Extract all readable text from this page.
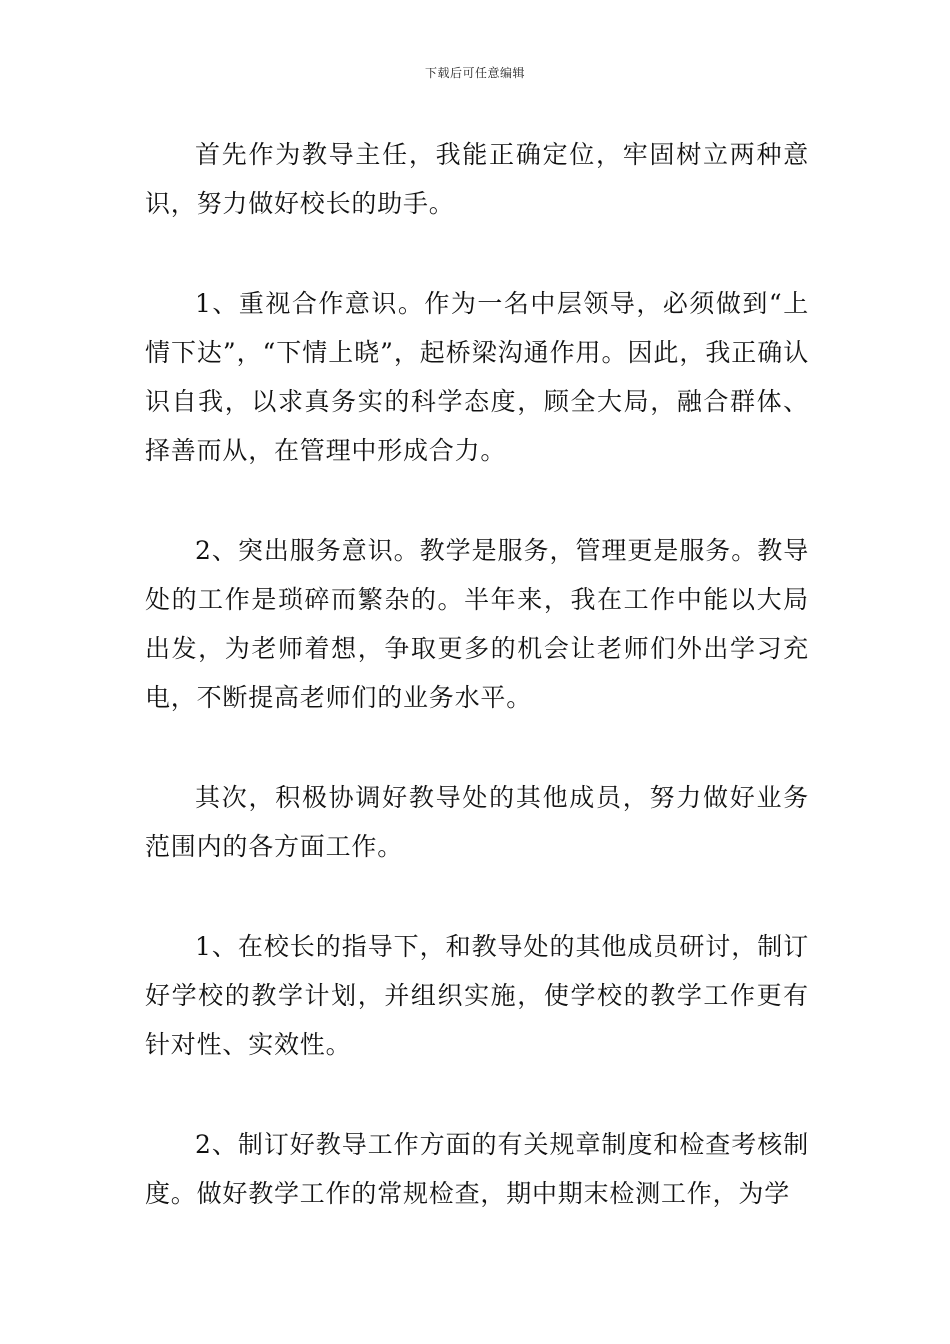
下载后可任意编辑

首先作为教导主任，我能正确定位，牢固树立两种意识，努力做好校长的助手。

1、重视合作意识。作为一名中层领导，必须做到“上情下达”，“下情上晓”，起桥梁沟通作用。因此，我正确认识自我，以求真务实的科学态度，顾全大局，融合群体、择善而从，在管理中形成合力。

2、突出服务意识。教学是服务，管理更是服务。教导处的工作是琐碎而繁杂的。半年来，我在工作中能以大局出发，为老师着想，争取更多的机会让老师们外出学习充电，不断提高老师们的业务水平。

其次，积极协调好教导处的其他成员，努力做好业务范围内的各方面工作。

1、在校长的指导下，和教导处的其他成员研讨，制订好学校的教学计划，并组织实施，使学校的教学工作更有针对性、实效性。

2、制订好教导工作方面的有关规章制度和检查考核制度。做好教学工作的常规检查，期中期末检测工作，为学
